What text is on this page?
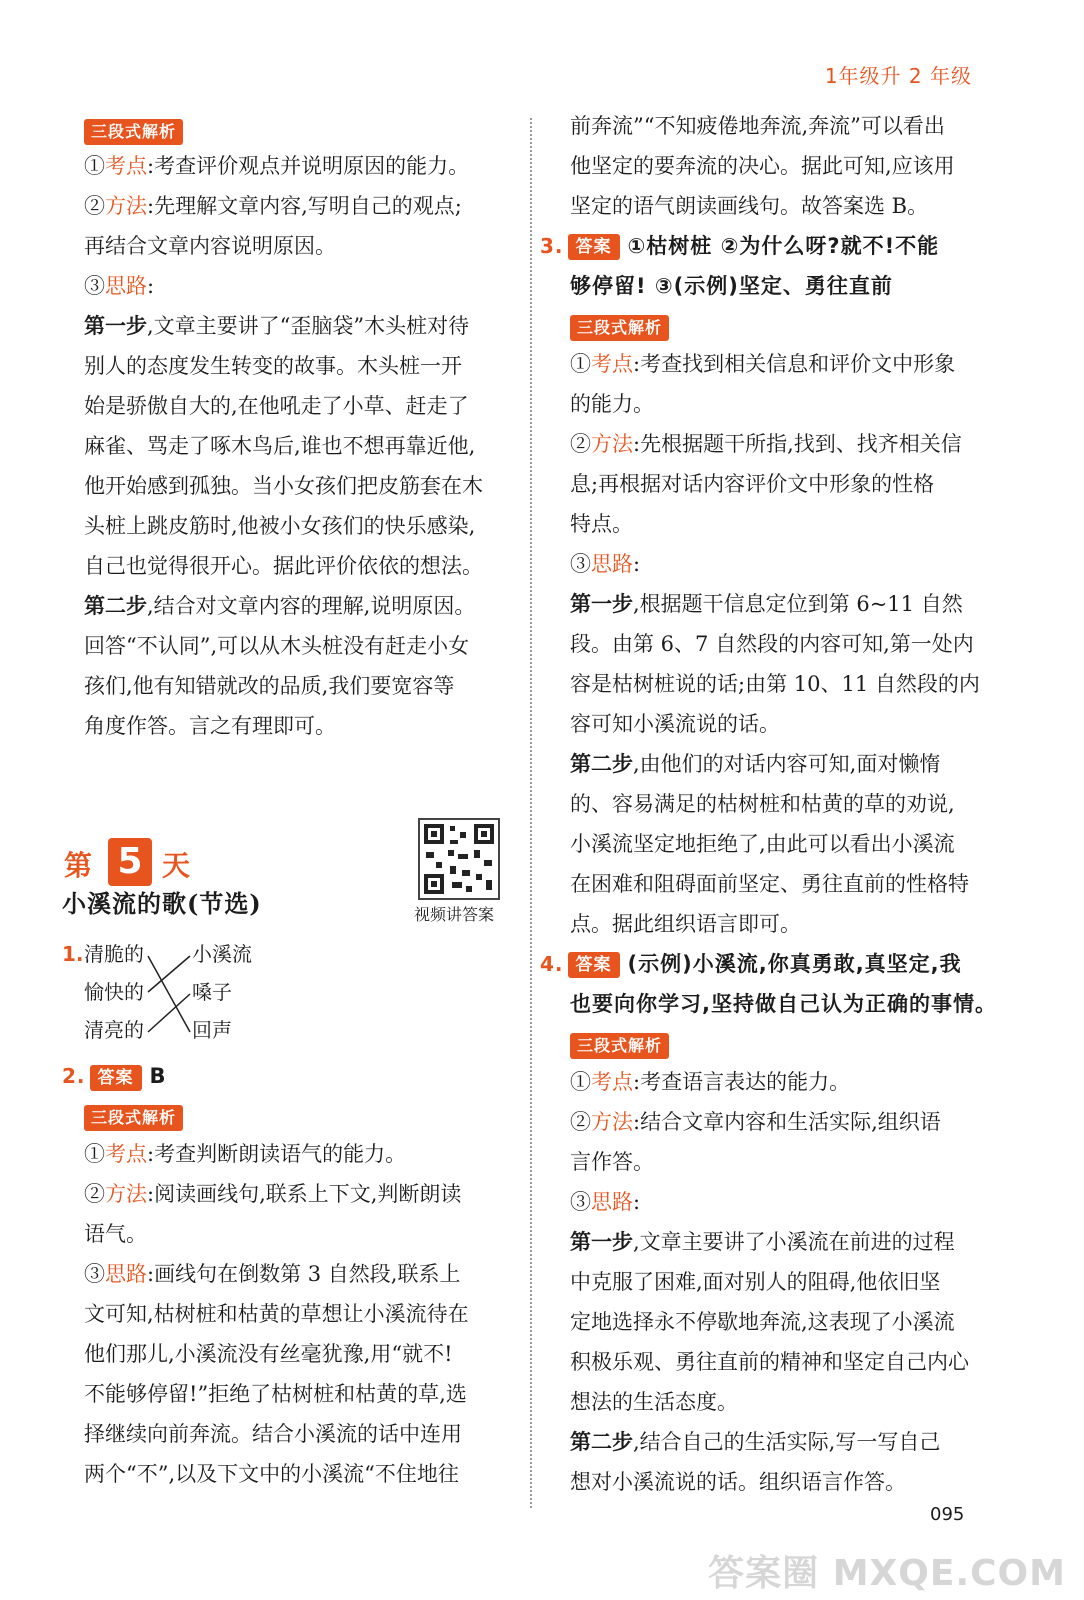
1年级升 2 年级
三段式解析
①考点:考查评价观点并说明原因的能力。
②方法:先理解文章内容,写明自己的观点;
再结合文章内容说明原因。
③思路:
第一步,文章主要讲了“歪脑袋”木头桩对待
别人的态度发生转变的故事。木头桩一开
始是骄傲自大的,在他吼走了小草、赶走了
麻雀、骂走了啄木鸟后,谁也不想再靠近他,
他开始感到孤独。当小女孩们把皮筋套在木
头桩上跳皮筋时,他被小女孩们的快乐感染,
自己也觉得很开心。据此评价依依的想法。
第二步,结合对文章内容的理解,说明原因。
回答“不认同”,可以从木头桩没有赶走小女
孩们,他有知错就改的品质,我们要宽容等
角度作答。言之有理即可。
第 5 天
小溪流的歌(节选)	视频讲答案
1. 清脆的
愉快的
清亮的
小溪流
嗓子
回声
2. 答案 B
三段式解析
①考点:考查判断朗读语气的能力。
②方法:阅读画线句,联系上下文,判断朗读
语气。
③思路:画线句在倒数第 3 自然段,联系上
文可知,枯树桩和枯黄的草想让小溪流待在
他们那儿,小溪流没有丝毫犹豫,用“就不!
不能够停留!”拒绝了枯树桩和枯黄的草,选
择继续向前奔流。结合小溪流的话中连用
两个“不”,以及下文中的小溪流“不住地往
前奔流”“不知疲倦地奔流,奔流”可以看出
他坚定的要奔流的决心。据此可知,应该用
坚定的语气朗读画线句。故答案选 B。
3. 答案 ①枯树桩 ②为什么呀?就不!不能
够停留! ③(示例)坚定、勇往直前
三段式解析
①考点:考查找到相关信息和评价文中形象
的能力。
②方法:先根据题干所指,找到、找齐相关信
息;再根据对话内容评价文中形象的性格
特点。
③思路:
第一步,根据题干信息定位到第 6~11 自然
段。由第 6、7 自然段的内容可知,第一处内
容是枯树桩说的话;由第 10、11 自然段的内
容可知小溪流说的话。
第二步,由他们的对话内容可知,面对懒惰
的、容易满足的枯树桩和枯黄的草的劝说,
小溪流坚定地拒绝了,由此可以看出小溪流
在困难和阻碍面前坚定、勇往直前的性格特
点。据此组织语言即可。
4. 答案 (示例)小溪流,你真勇敢,真坚定,我
也要向你学习,坚持做自己认为正确的事情。
三段式解析
①考点:考查语言表达的能力。
②方法:结合文章内容和生活实际,组织语
言作答。
③思路:
第一步,文章主要讲了小溪流在前进的过程
中克服了困难,面对别人的阻碍,他依旧坚
定地选择永不停歇地奔流,这表现了小溪流
积极乐观、勇往直前的精神和坚定自己内心
想法的生活态度。
第二步,结合自己的生活实际,写一写自己
想对小溪流说的话。组织语言作答。
095
答案圈 MXQE.COM
